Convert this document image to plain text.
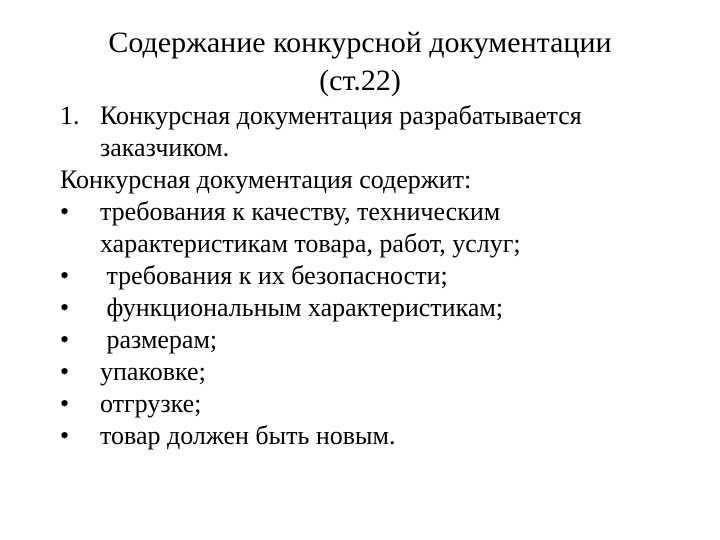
Содержание конкурсной документации
(ст.22)
1. Конкурсная документация разрабатывается
заказчиком.
Конкурсная документация содержит:
•	требования к качеству, техническим
характеристикам товара, работ, услуг;
•	требования к их безопасности;
•	функциональным характеристикам;
•	размерам;
•	упаковке;
•	отгрузке;
•	товар должен быть новым.
